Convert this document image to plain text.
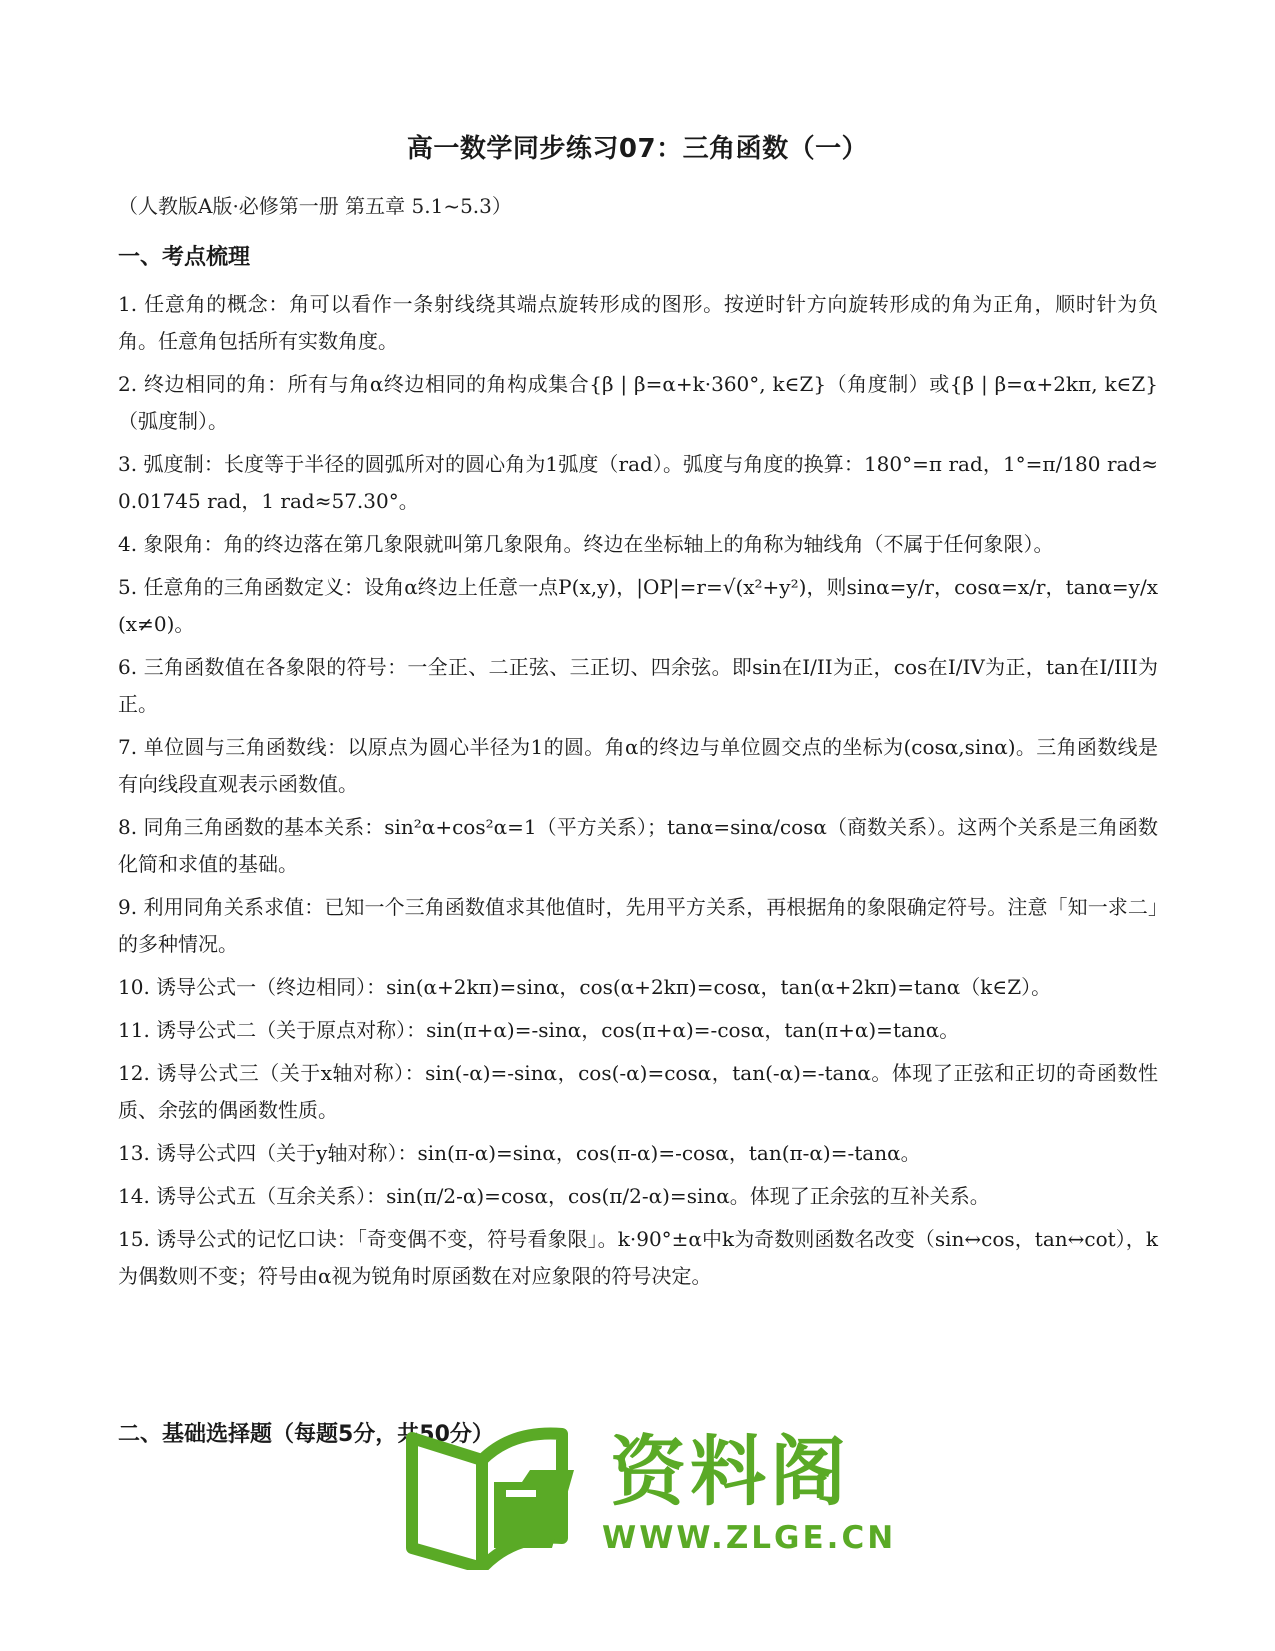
高一数学同步练习07：三角函数（一）
（人教版A版·必修第一册 第五章 5.1~5.3）
一、考点梳理
1. 任意角的概念：角可以看作一条射线绕其端点旋转形成的图形。按逆时针方向旋转形成的角为正角，顺时针为负角。任意角包括所有实数角度。
2. 终边相同的角：所有与角α终边相同的角构成集合{β | β=α+k·360°, k∈Z}（角度制）或{β | β=α+2kπ, k∈Z}（弧度制）。
3. 弧度制：长度等于半径的圆弧所对的圆心角为1弧度（rad）。弧度与角度的换算：180°=π rad，1°=π/180 rad≈0.01745 rad，1 rad≈57.30°。
4. 象限角：角的终边落在第几象限就叫第几象限角。终边在坐标轴上的角称为轴线角（不属于任何象限）。
5. 任意角的三角函数定义：设角α终边上任意一点P(x,y)，|OP|=r=√(x²+y²)，则sinα=y/r，cosα=x/r，tanα=y/x(x≠0)。
6. 三角函数值在各象限的符号：一全正、二正弦、三正切、四余弦。即sin在I/II为正，cos在I/IV为正，tan在I/III为正。
7. 单位圆与三角函数线：以原点为圆心半径为1的圆。角α的终边与单位圆交点的坐标为(cosα,sinα)。三角函数线是有向线段直观表示函数值。
8. 同角三角函数的基本关系：sin²α+cos²α=1（平方关系）；tanα=sinα/cosα（商数关系）。这两个关系是三角函数化简和求值的基础。
9. 利用同角关系求值：已知一个三角函数值求其他值时，先用平方关系，再根据角的象限确定符号。注意「知一求二」的多种情况。
10. 诱导公式一（终边相同）：sin(α+2kπ)=sinα，cos(α+2kπ)=cosα，tan(α+2kπ)=tanα（k∈Z）。
11. 诱导公式二（关于原点对称）：sin(π+α)=-sinα，cos(π+α)=-cosα，tan(π+α)=tanα。
12. 诱导公式三（关于x轴对称）：sin(-α)=-sinα，cos(-α)=cosα，tan(-α)=-tanα。体现了正弦和正切的奇函数性质、余弦的偶函数性质。
13. 诱导公式四（关于y轴对称）：sin(π-α)=sinα，cos(π-α)=-cosα，tan(π-α)=-tanα。
14. 诱导公式五（互余关系）：sin(π/2-α)=cosα，cos(π/2-α)=sinα。体现了正余弦的互补关系。
15. 诱导公式的记忆口诀：「奇变偶不变，符号看象限」。k·90°±α中k为奇数则函数名改变（sin↔cos，tan↔cot），k为偶数则不变；符号由α视为锐角时原函数在对应象限的符号决定。
二、基础选择题（每题5分，共50分） 资料阁
WWW.ZLGE.CN
